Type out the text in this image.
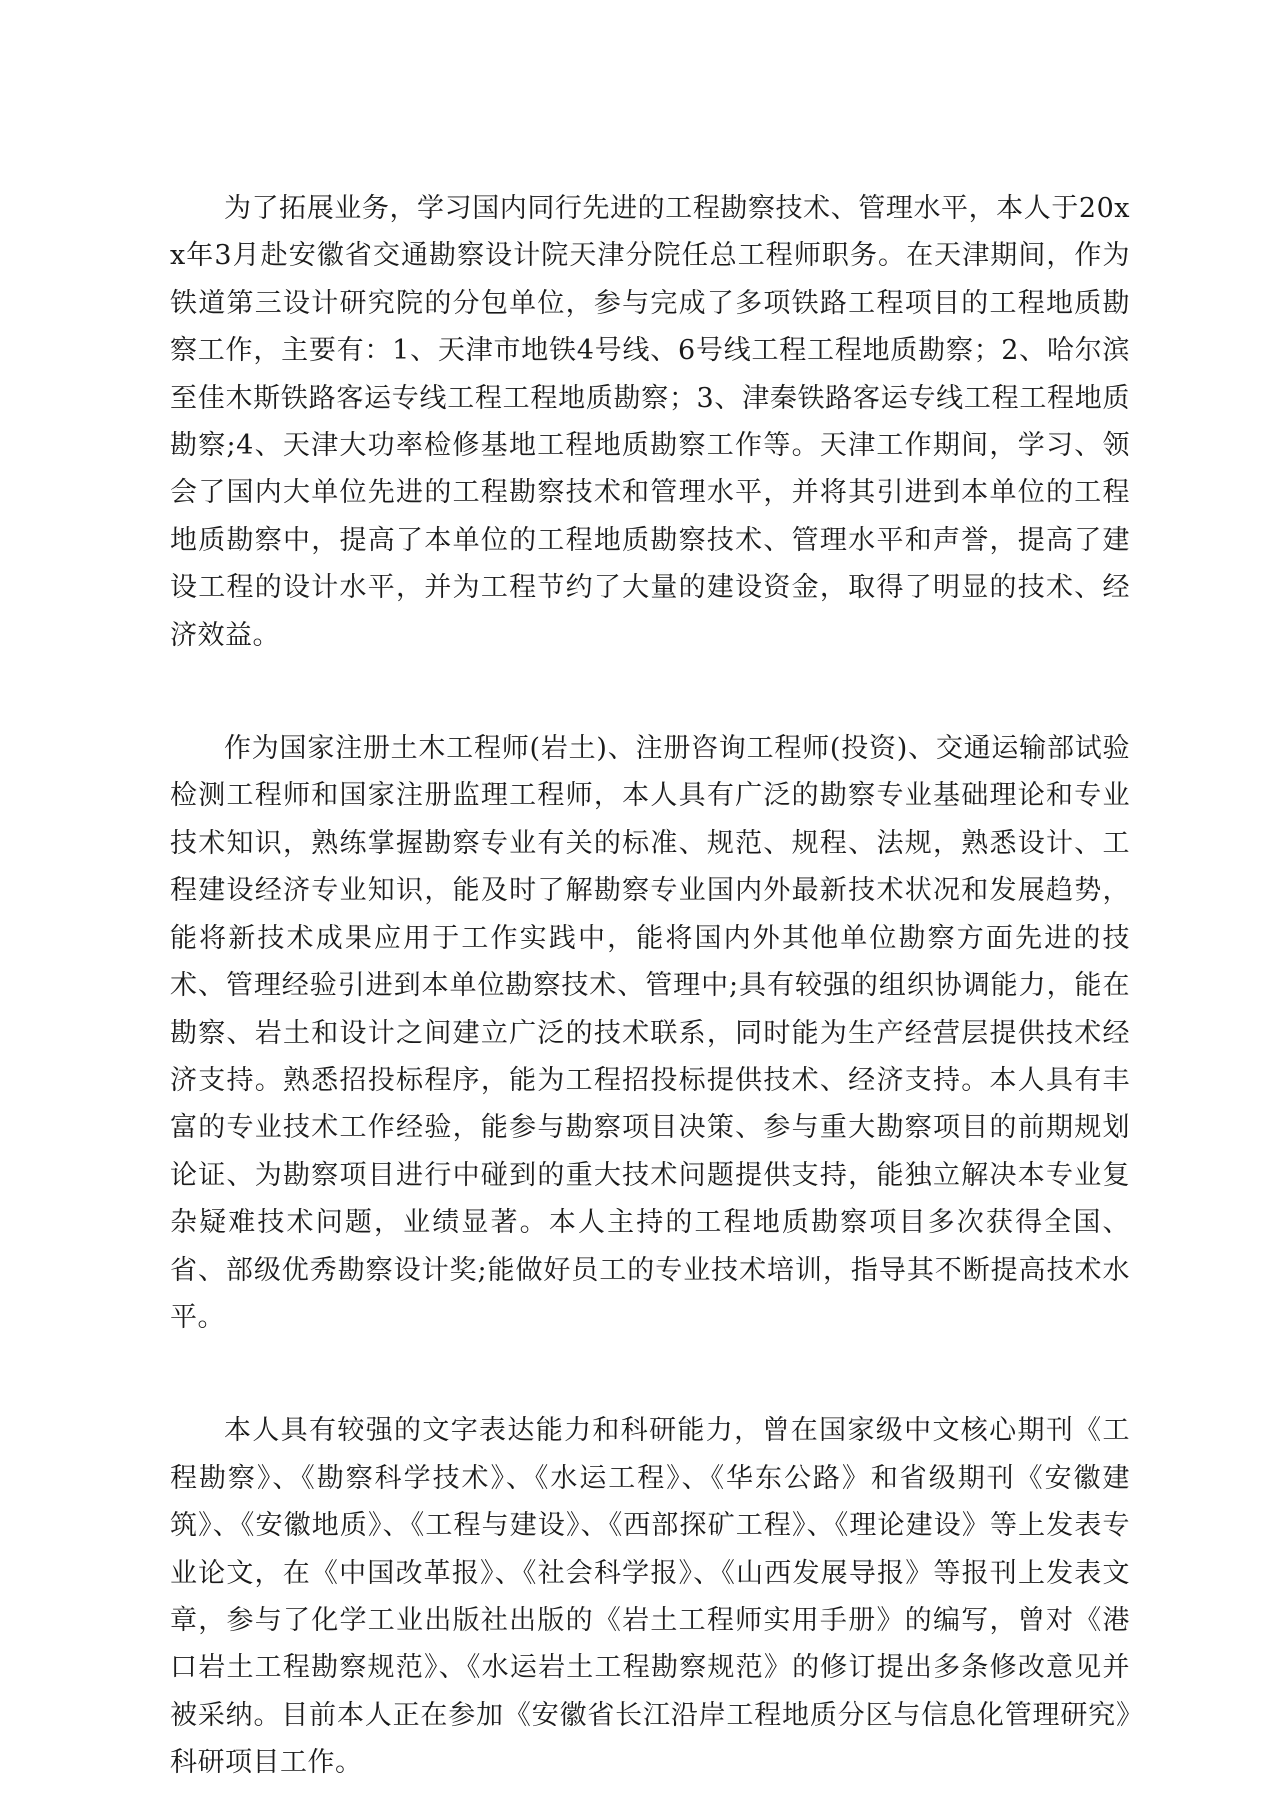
为了拓展业务，学习国内同行先进的工程勘察技术、管理水平，本人于20xx年3月赴安徽省交通勘察设计院天津分院任总工程师职务。在天津期间，作为铁道第三设计研究院的分包单位，参与完成了多项铁路工程项目的工程地质勘察工作，主要有：1、天津市地铁4号线、6号线工程工程地质勘察；2、哈尔滨至佳木斯铁路客运专线工程工程地质勘察；3、津秦铁路客运专线工程工程地质勘察;4、天津大功率检修基地工程地质勘察工作等。天津工作期间，学习、领会了国内大单位先进的工程勘察技术和管理水平，并将其引进到本单位的工程地质勘察中，提高了本单位的工程地质勘察技术、管理水平和声誉，提高了建设工程的设计水平，并为工程节约了大量的建设资金，取得了明显的技术、经济效益。

作为国家注册土木工程师(岩土)、注册咨询工程师(投资)、交通运输部试验检测工程师和国家注册监理工程师，本人具有广泛的勘察专业基础理论和专业技术知识，熟练掌握勘察专业有关的标准、规范、规程、法规，熟悉设计、工程建设经济专业知识，能及时了解勘察专业国内外最新技术状况和发展趋势，能将新技术成果应用于工作实践中，能将国内外其他单位勘察方面先进的技术、管理经验引进到本单位勘察技术、管理中;具有较强的组织协调能力，能在勘察、岩土和设计之间建立广泛的技术联系，同时能为生产经营层提供技术经济支持。熟悉招投标程序，能为工程招投标提供技术、经济支持。本人具有丰富的专业技术工作经验，能参与勘察项目决策、参与重大勘察项目的前期规划论证、为勘察项目进行中碰到的重大技术问题提供支持，能独立解决本专业复杂疑难技术问题，业绩显著。本人主持的工程地质勘察项目多次获得全国、省、部级优秀勘察设计奖;能做好员工的专业技术培训，指导其不断提高技术水平。

本人具有较强的文字表达能力和科研能力，曾在国家级中文核心期刊《工程勘察》、《勘察科学技术》、《水运工程》、《华东公路》和省级期刊《安徽建筑》、《安徽地质》、《工程与建设》、《西部探矿工程》、《理论建设》等上发表专业论文，在《中国改革报》、《社会科学报》、《山西发展导报》等报刊上发表文章，参与了化学工业出版社出版的《岩土工程师实用手册》的编写，曾对《港口岩土工程勘察规范》、《水运岩土工程勘察规范》的修订提出多条修改意见并被采纳。目前本人正在参加《安徽省长江沿岸工程地质分区与信息化管理研究》科研项目工作。
